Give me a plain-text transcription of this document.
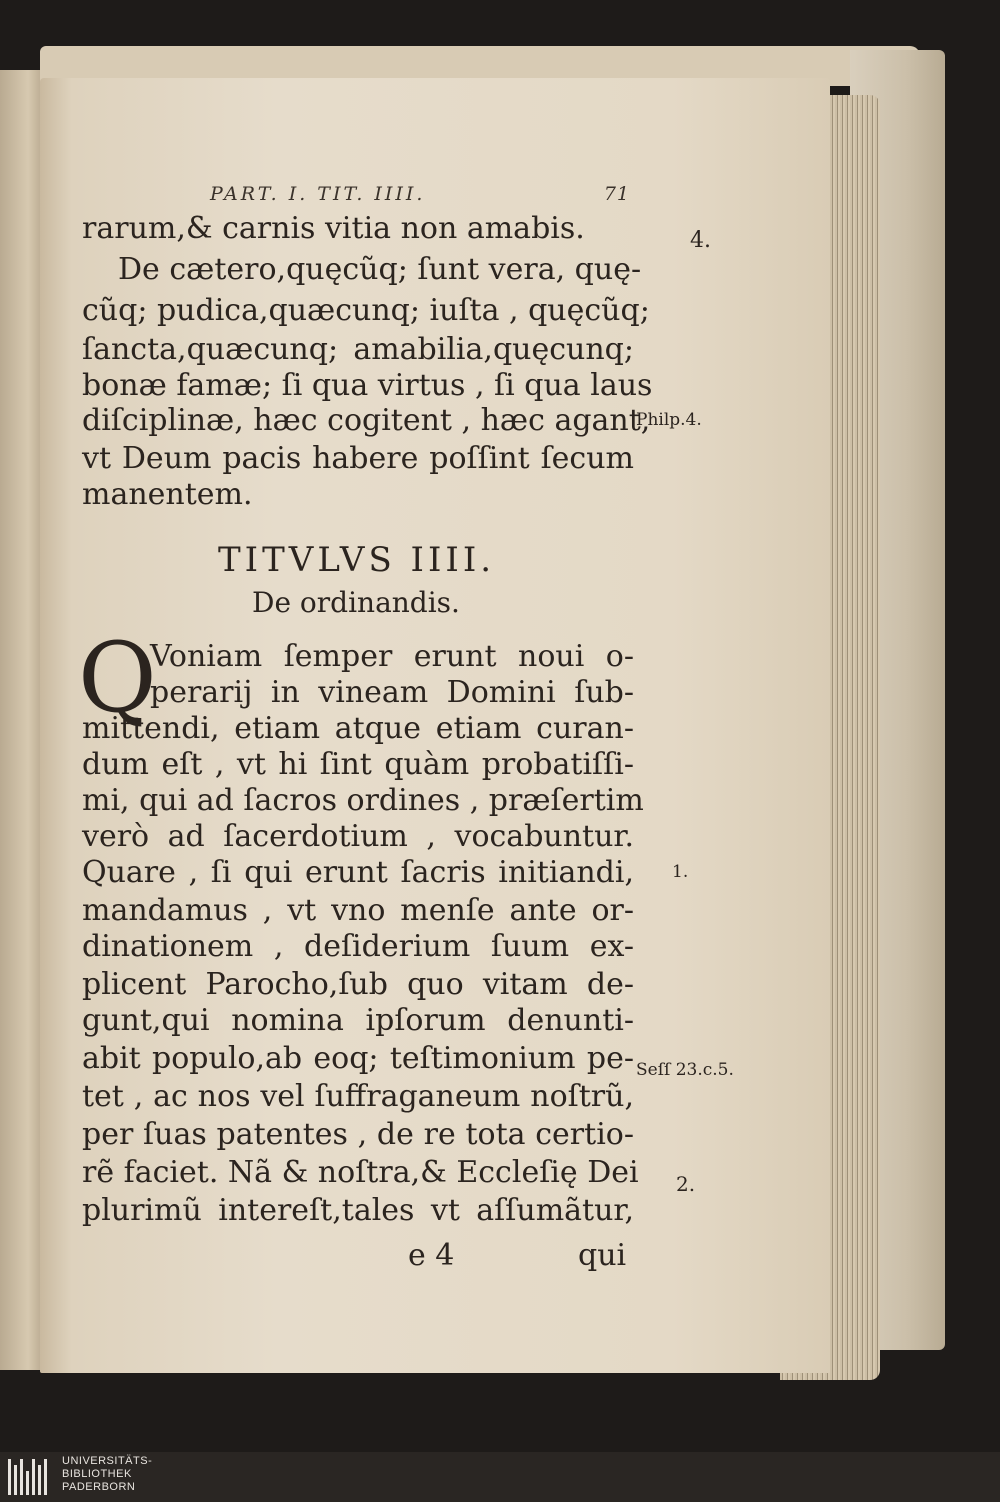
PART. I. TIT. IIII.	71
rarum,& carnis vitia non amabis.
De cætero,quęcũq; ſunt vera, quę-
cũq; pudica,quæcunq; iuſta , quęcũq;
ſancta,quæcunq; amabilia,quęcunq;
bonæ famæ; ſi qua virtus , ſi qua laus
diſciplinæ, hæc cogitent , hæc agant,
vt Deum pacis habere poſſint ſecum
manentem.
TITVLVS IIII.
De ordinandis.
Q
Voniam ſemper erunt noui o-
perarij in vineam Domini ſub-
mittendi, etiam atque etiam curan-
dum eſt , vt hi ſint quàm probatiſſi-
mi, qui ad ſacros ordines , præſertim
verò ad ſacerdotium , vocabuntur.
Quare , ſi qui erunt ſacris initiandi,
mandamus , vt vno menſe ante or-
dinationem , deſiderium ſuum ex-
plicent Parocho,ſub quo vitam de-
gunt,qui nomina ipſorum denunti-
abit populo,ab eoq; teſtimonium pe-
tet , ac nos vel ſuffraganeum noſtrũ,
per ſuas patentes , de re tota certio-
rẽ faciet. Nã & noſtra,& Eccleſię Dei
plurimũ intereſt,tales vt aſſumãtur,
e 4	qui
4.
Philp.4.
1.
Seſſ 23.c.5.
2.
UNIVERSITÄTS-
BIBLIOTHEK
PADERBORN
